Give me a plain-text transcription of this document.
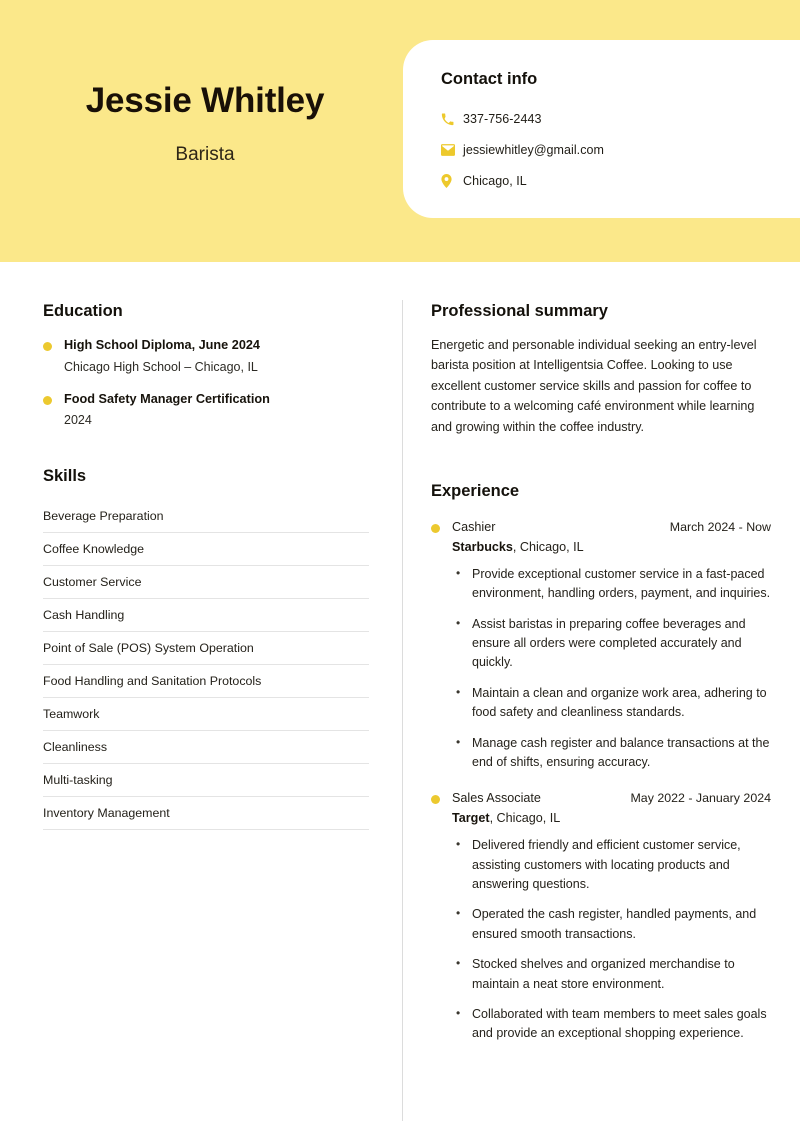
Jessie Whitley

Barista

Contact info
337-756-2443
jessiewhitley@gmail.com
Chicago, IL
Education
High School Diploma, June 2024
Chicago High School – Chicago, IL
Food Safety Manager Certification
2024
Skills
Beverage Preparation
Coffee Knowledge
Customer Service
Cash Handling
Point of Sale (POS) System Operation
Food Handling and Sanitation Protocols
Teamwork
Cleanliness
Multi-tasking
Inventory Management
Professional summary

Energetic and personable individual seeking an entry-level barista position at Intelligentsia Coffee. Looking to use excellent customer service skills and passion for coffee to contribute to a welcoming café environment while learning and growing within the coffee industry.

Experience
Cashier	March 2024 - Now
Starbucks, Chicago, IL
• Provide exceptional customer service in a fast-paced environment, handling orders, payment, and inquiries.
• Assist baristas in preparing coffee beverages and ensure all orders were completed accurately and quickly.
• Maintain a clean and organize work area, adhering to food safety and cleanliness standards.
• Manage cash register and balance transactions at the end of shifts, ensuring accuracy.
Sales Associate	May 2022 - January 2024
Target, Chicago, IL
• Delivered friendly and efficient customer service, assisting customers with locating products and answering questions.
• Operated the cash register, handled payments, and ensured smooth transactions.
• Stocked shelves and organized merchandise to maintain a neat store environment.
• Collaborated with team members to meet sales goals and provide an exceptional shopping experience.
